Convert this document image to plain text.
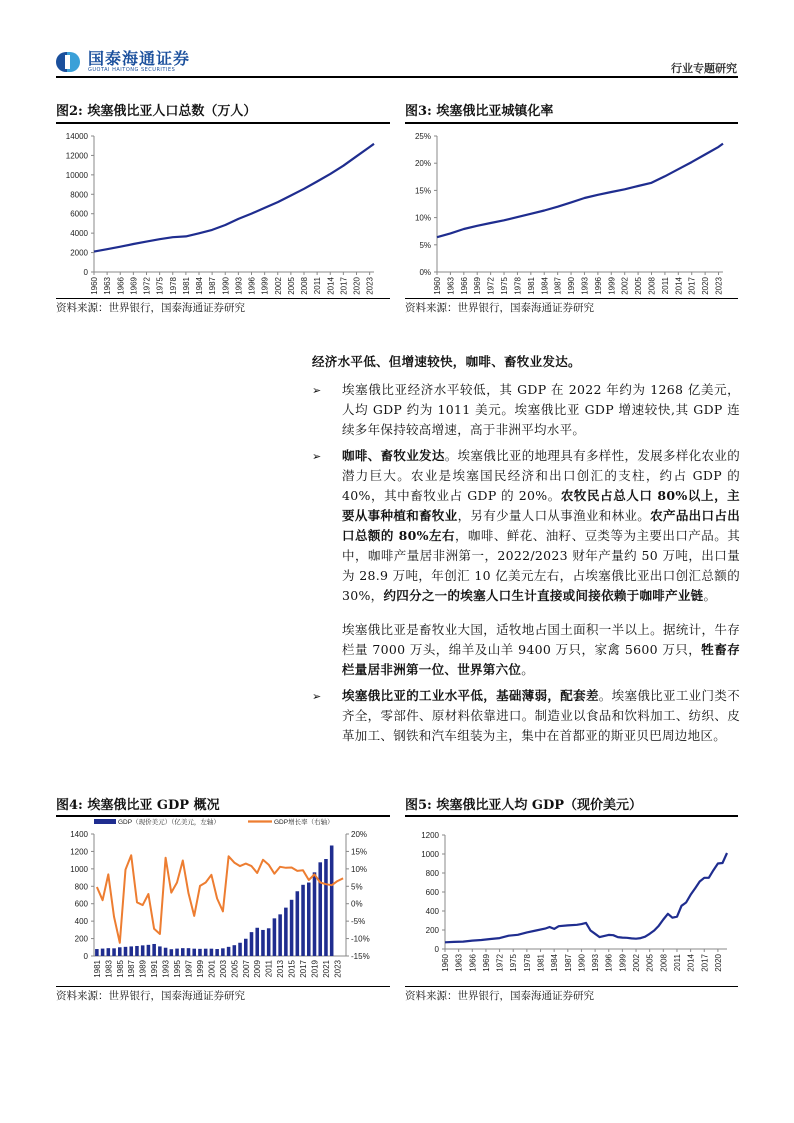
国泰海通证券
GUOTAI HAITONG SECURITIES	行业专题研究
图2: 埃塞俄比亚人口总数（万人）
0
2000
4000
6000
8000
10000
12000
14000
1960 1963 1966 1969 1972 1975 1978 1981 1984 1987 1990 1993 1996 1999 2002 2005 2008 2011 2014 2017 2020 2023
资料来源：世界银行，国泰海通证券研究
图3: 埃塞俄比亚城镇化率
0%
5%
10%
15%
20%
25%
1960 1963 1966 1969 1972 1975 1978 1981 1984 1987 1990 1993 1996 1999 2002 2005 2008 2011 2014 2017 2020 2023
资料来源：世界银行，国泰海通证券研究
经济水平低、但增速较快，咖啡、畜牧业发达。
➢ 埃塞俄比亚经济水平较低，其 GDP 在 2022 年约为 1268 亿美元，人均 GDP 约为 1011 美元。埃塞俄比亚 GDP 增速较快,其 GDP 连续多年保持较高增速，高于非洲平均水平。
➢ 咖啡、畜牧业发达。埃塞俄比亚的地理具有多样性，发展多样化农业的潜力巨大。农业是埃塞国民经济和出口创汇的支柱，约占 GDP 的 40%，其中畜牧业占 GDP 的 20%。农牧民占总人口 80%以上，主要从事种植和畜牧业，另有少量人口从事渔业和林业。农产品出口占出口总额的 80%左右，咖啡、鲜花、油籽、豆类等为主要出口产品。其中，咖啡产量居非洲第一，2022/2023 财年产量约 50 万吨，出口量为 28.9 万吨，年创汇 10 亿美元左右，占埃塞俄比亚出口创汇总额的 30%，约四分之一的埃塞人口生计直接或间接依赖于咖啡产业链。
埃塞俄比亚是畜牧业大国，适牧地占国土面积一半以上。据统计，牛存栏量 7000 万头，绵羊及山羊 9400 万只，家禽 5600 万只，牲畜存栏量居非洲第一位、世界第六位。
➢ 埃塞俄比亚的工业水平低，基础薄弱，配套差。埃塞俄比亚工业门类不齐全，零部件、原材料依靠进口。制造业以食品和饮料加工、纺织、皮革加工、钢铁和汽车组装为主，集中在首都亚的斯亚贝巴周边地区。
图4: 埃塞俄比亚 GDP 概况
GDP（现价美元）（亿美元，左轴）	GDP增长率（右轴）
0
200
400
600
800
1000
1200
1400
-15%
-10%
-5%
0%
5%
10%
15%
20%
1981 1983 1985 1987 1989 1991 1993 1995 1997 1999 2001 2003 2005 2007 2009 2011 2013 2015 2017 2019 2021 2023
资料来源：世界银行，国泰海通证券研究
图5: 埃塞俄比亚人均 GDP（现价美元）
0
200
400
600
800
1000
1200
1960 1963 1966 1969 1972 1975 1978 1981 1984 1987 1990 1993 1996 1999 2002 2005 2008 2011 2014 2017 2020
资料来源：世界银行，国泰海通证券研究
